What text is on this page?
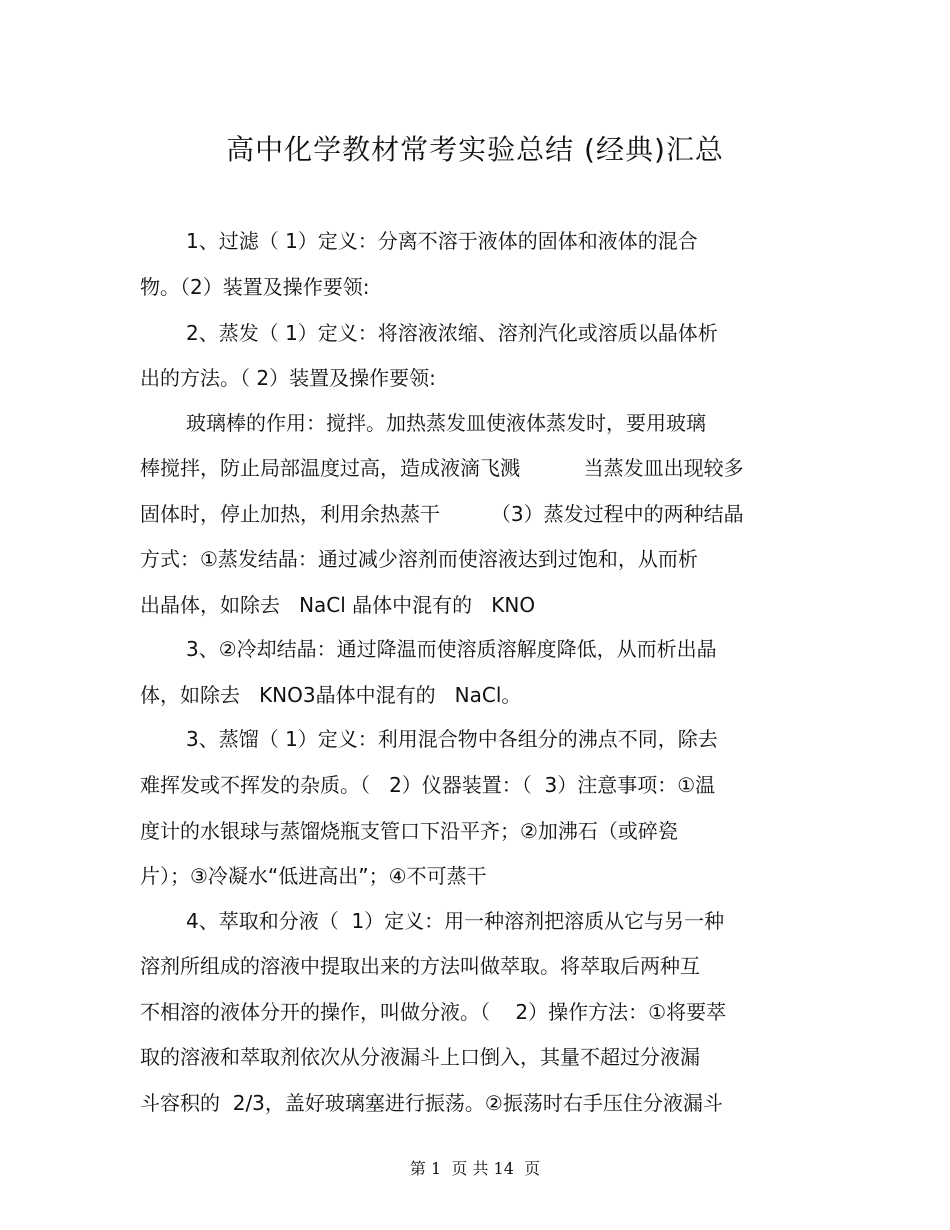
高中化学教材常考实验总结 (经典)汇总
1、过滤（ 1）定义：分离不溶于液体的固体和液体的混合
物。（2）装置及操作要领:
2、蒸发（ 1）定义：将溶液浓缩、溶剂汽化或溶质以晶体析
出的方法。（ 2）装置及操作要领:
玻璃棒的作用：搅拌。加热蒸发皿使液体蒸发时，要用玻璃
棒搅拌，防止局部温度过高，造成液滴飞溅          当蒸发皿出现较多
固体时，停止加热，利用余热蒸干        （3）蒸发过程中的两种结晶
方式：①蒸发结晶：通过减少溶剂而使溶液达到过饱和，从而析
出晶体，如除去   NaCl 晶体中混有的   KNO
3、②冷却结晶：通过降温而使溶质溶解度降低，从而析出晶
体，如除去   KNO3晶体中混有的   NaCl。
3、蒸馏（ 1）定义：利用混合物中各组分的沸点不同，除去
难挥发或不挥发的杂质。（   2）仪器装置：（  3）注意事项：①温
度计的水银球与蒸馏烧瓶支管口下沿平齐；②加沸石（或碎瓷
片）；③冷凝水“低进高出”；④不可蒸干
4、萃取和分液（  1）定义：用一种溶剂把溶质从它与另一种
溶剂所组成的溶液中提取出来的方法叫做萃取。将萃取后两种互
不相溶的液体分开的操作，叫做分液。（    2）操作方法：①将要萃
取的溶液和萃取剂依次从分液漏斗上口倒入，其量不超过分液漏
斗容积的  2/3，盖好玻璃塞进行振荡。②振荡时右手压住分液漏斗
第 1  页 共 14  页
